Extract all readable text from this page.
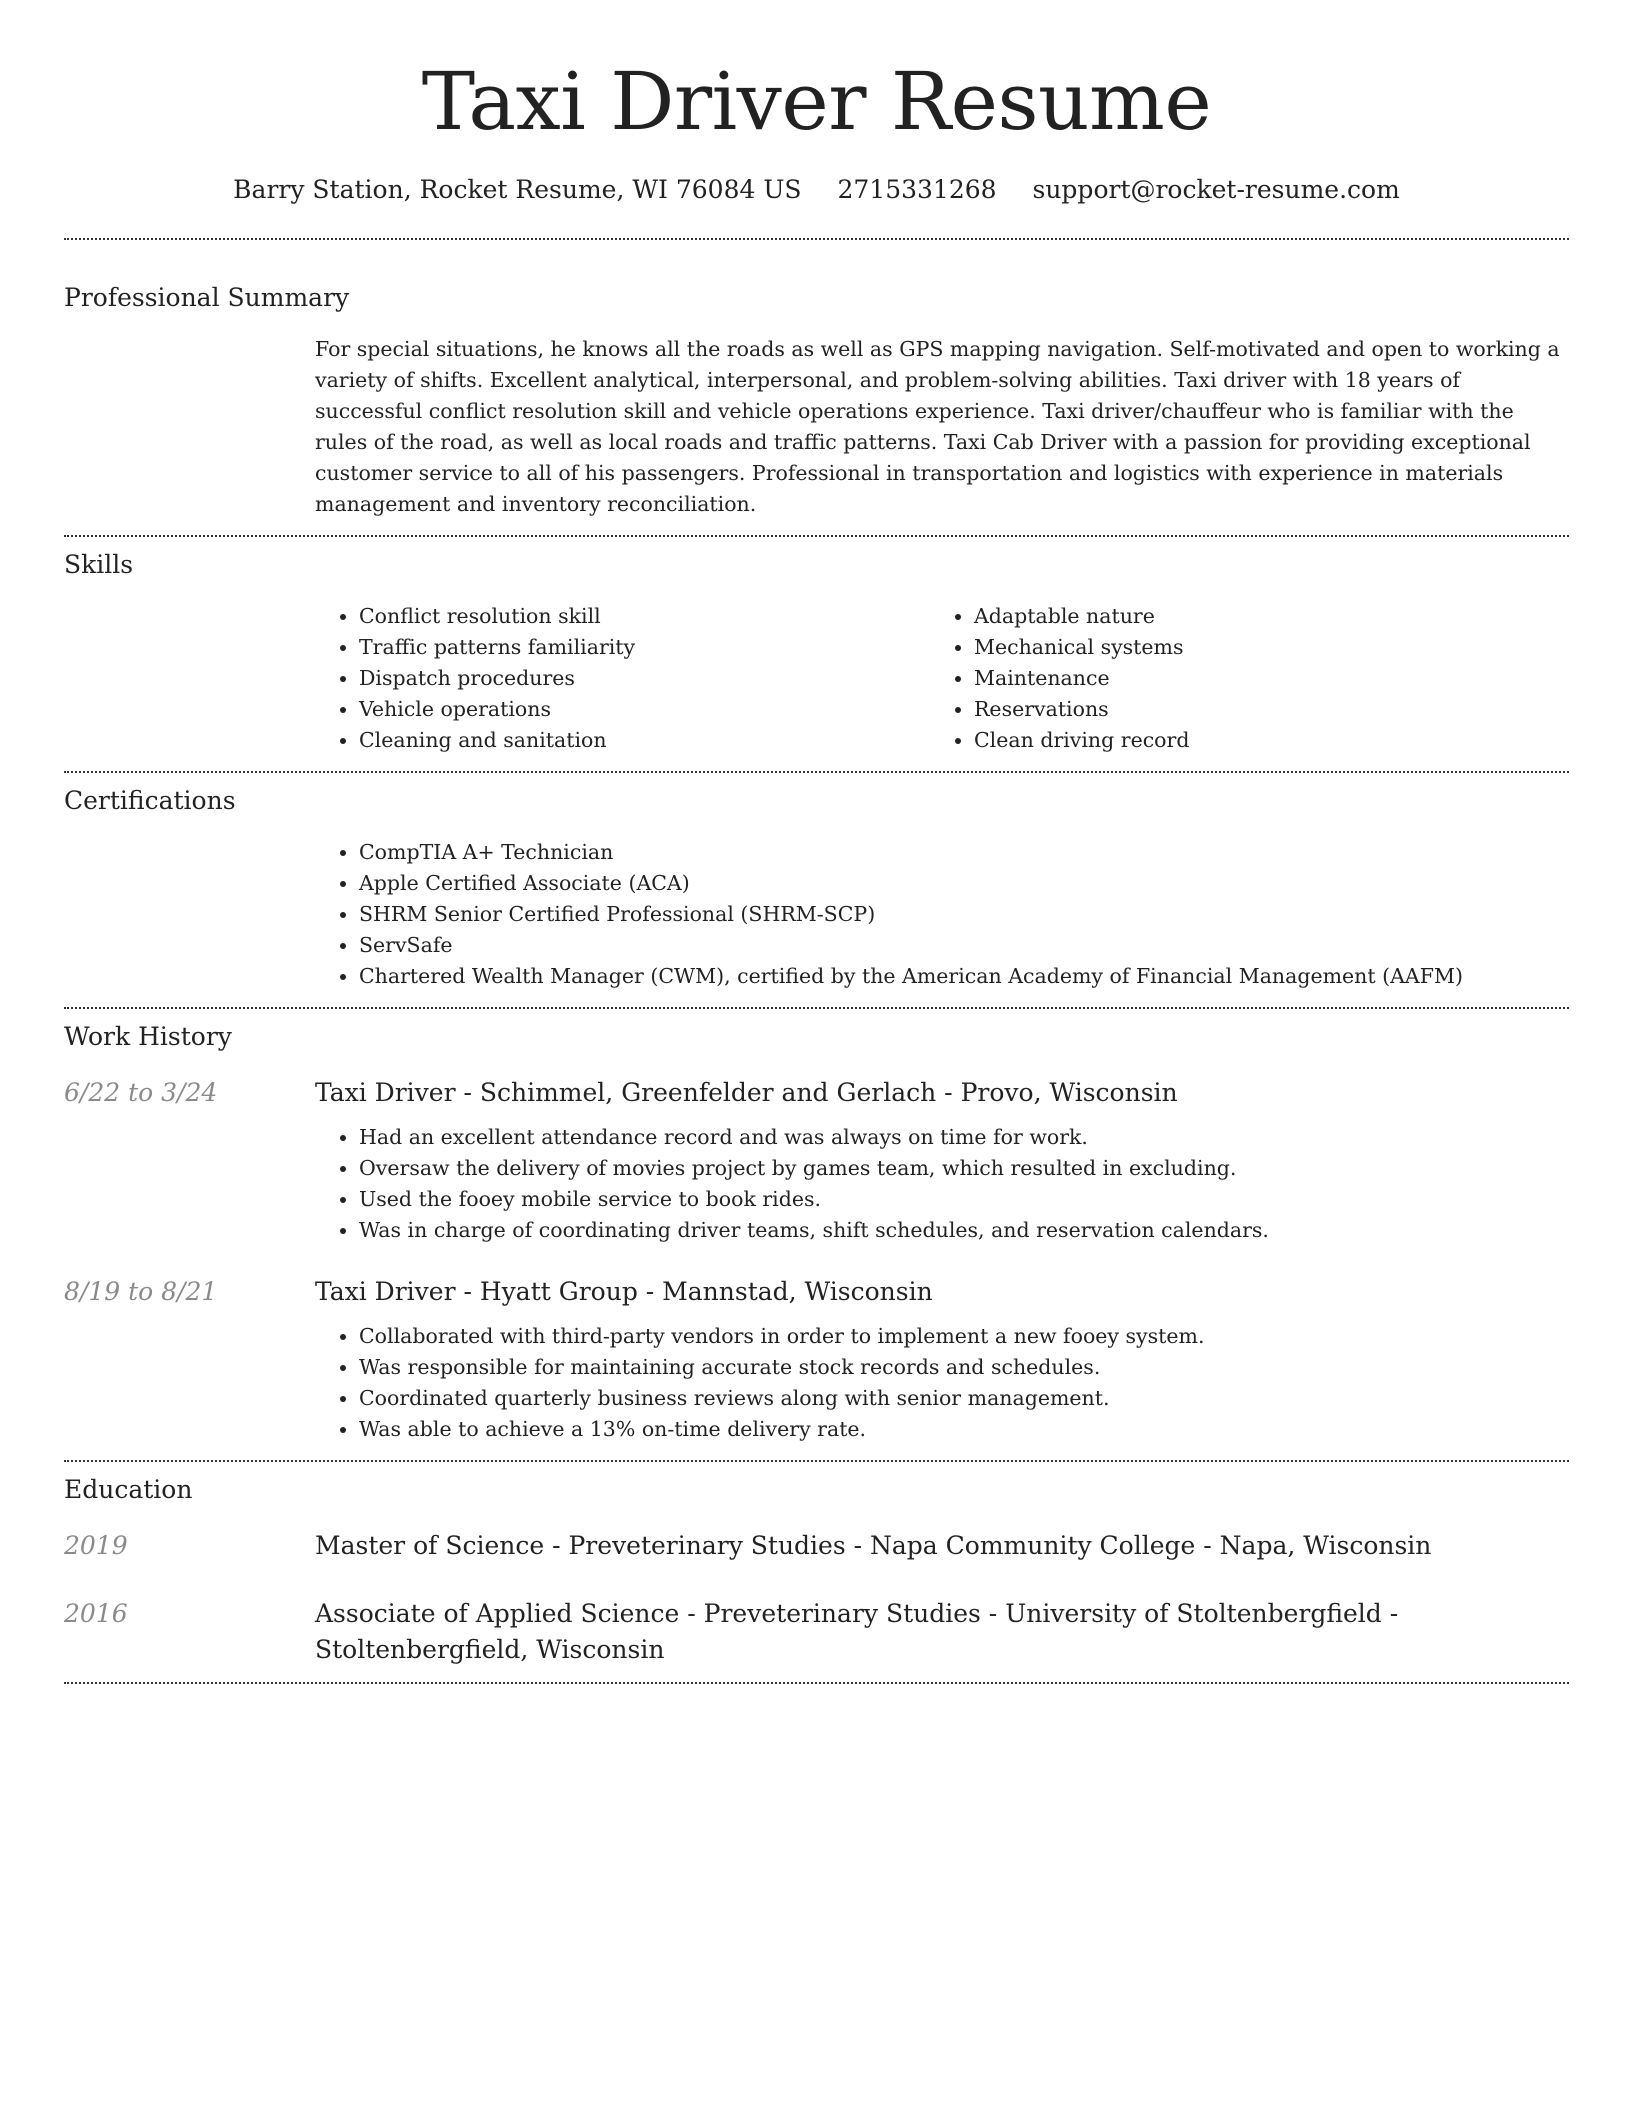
Taxi Driver Resume
Barry Station, Rocket Resume, WI 76084 US 2715331268 support@rocket-resume.com
Professional Summary

For special situations, he knows all the roads as well as GPS mapping navigation. Self-motivated and open to working a variety of shifts. Excellent analytical, interpersonal, and problem-solving abilities. Taxi driver with 18 years of successful conflict resolution skill and vehicle operations experience. Taxi driver/chauffeur who is familiar with the rules of the road, as well as local roads and traffic patterns. Taxi Cab Driver with a passion for providing exceptional customer service to all of his passengers. Professional in transportation and logistics with experience in materials management and inventory reconciliation.

Skills
• Conflict resolution skill
• Traffic patterns familiarity
• Dispatch procedures
• Vehicle operations
• Cleaning and sanitation
• Adaptable nature
• Mechanical systems
• Maintenance
• Reservations
• Clean driving record
Certifications
• CompTIA A+ Technician
• Apple Certified Associate (ACA)
• SHRM Senior Certified Professional (SHRM-SCP)
• ServSafe
• Chartered Wealth Manager (CWM), certified by the American Academy of Financial Management (AAFM)
Work History
6/22 to 3/24	Taxi Driver - Schimmel, Greenfelder and Gerlach - Provo, Wisconsin
• Had an excellent attendance record and was always on time for work.
• Oversaw the delivery of movies project by games team, which resulted in excluding.
• Used the fooey mobile service to book rides.
• Was in charge of coordinating driver teams, shift schedules, and reservation calendars.
8/19 to 8/21	Taxi Driver - Hyatt Group - Mannstad, Wisconsin
• Collaborated with third-party vendors in order to implement a new fooey system.
• Was responsible for maintaining accurate stock records and schedules.
• Coordinated quarterly business reviews along with senior management.
• Was able to achieve a 13% on-time delivery rate.
Education
2019	Master of Science - Preveterinary Studies - Napa Community College - Napa, Wisconsin
2016	Associate of Applied Science - Preveterinary Studies - University of Stoltenbergfield - Stoltenbergfield, Wisconsin
